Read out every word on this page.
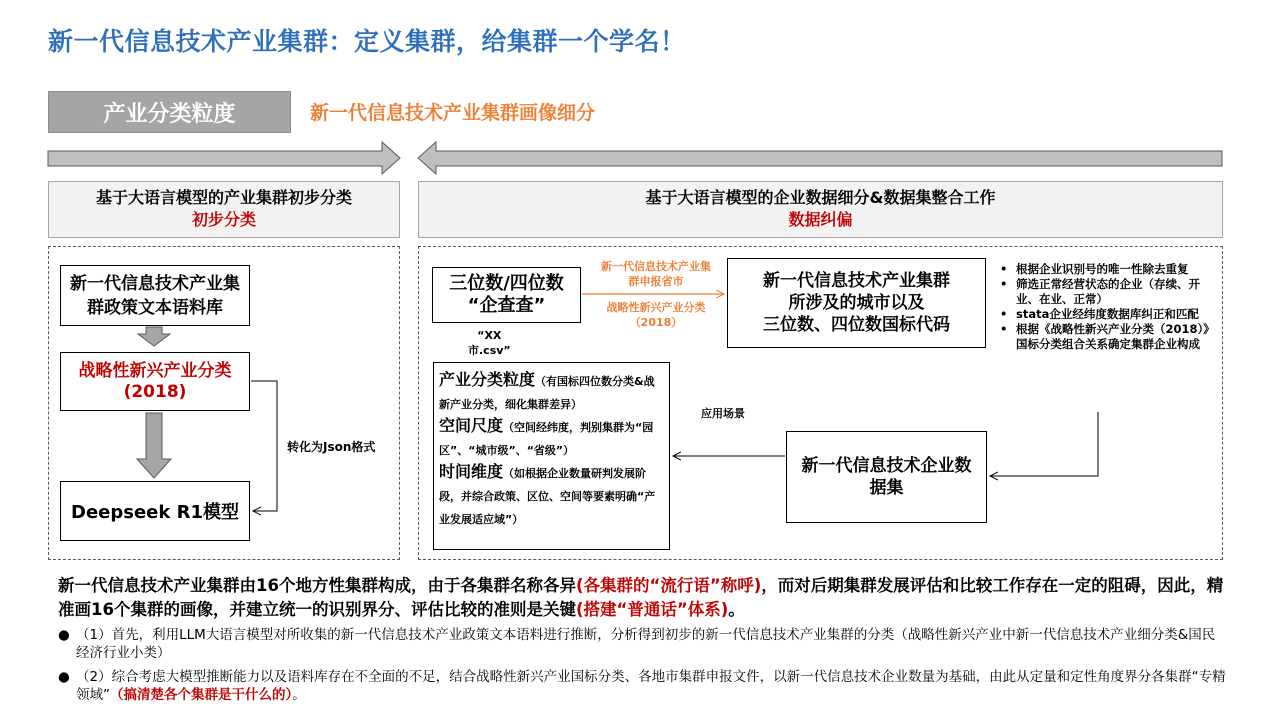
新一代信息技术产业集群：定义集群，给集群一个学名！
产业分类粒度	新一代信息技术产业集群画像细分
基于大语言模型的产业集群初步分类
初步分类
基于大语言模型的企业数据细分&数据集整合工作
数据纠偏
新一代信息技术产业集群政策文本语料库
战略性新兴产业分类
(2018)
Deepseek R1模型
转化为Json格式
三位数/四位数
“企查查”
“XX
市.csv”
新一代信息技术产业集群申报省市
战略性新兴产业分类（2018）
新一代信息技术产业集群
所涉及的城市以及
三位数、四位数国标代码
• 根据企业识别号的唯一性除去重复
• 筛选正常经营状态的企业（存续、开业、在业、正常）
• stata企业经纬度数据库纠正和匹配
• 根据《战略性新兴产业分类（2018）》国标分类组合关系确定集群企业构成
新一代信息技术企业数据集
应用场景

产业分类粒度（有国标四位数分类&战新产业分类，细化集群差异）

空间尺度（空间经纬度，判别集群为“园区”、“城市级”、“省级”）

时间维度（如根据企业数量研判发展阶段，并综合政策、区位、空间等要素明确“产业发展适应域”）

新一代信息技术产业集群由16个地方性集群构成，由于各集群名称各异(各集群的“流行语”称呼)，而对后期集群发展评估和比较工作存在一定的阻碍，因此，精准画16个集群的画像，并建立统一的识别界分、评估比较的准则是关键(搭建“普通话”体系)。
● （1）首先，利用LLM大语言模型对所收集的新一代信息技术产业政策文本语料进行推断，分析得到初步的新一代信息技术产业集群的分类（战略性新兴产业中新一代信息技术产业细分类&国民经济行业小类）
● （2）综合考虑大模型推断能力以及语料库存在不全面的不足，结合战略性新兴产业国标分类、各地市集群申报文件，以新一代信息技术企业数量为基础，由此从定量和定性角度界分各集群“专精领域”（搞清楚各个集群是干什么的）。
